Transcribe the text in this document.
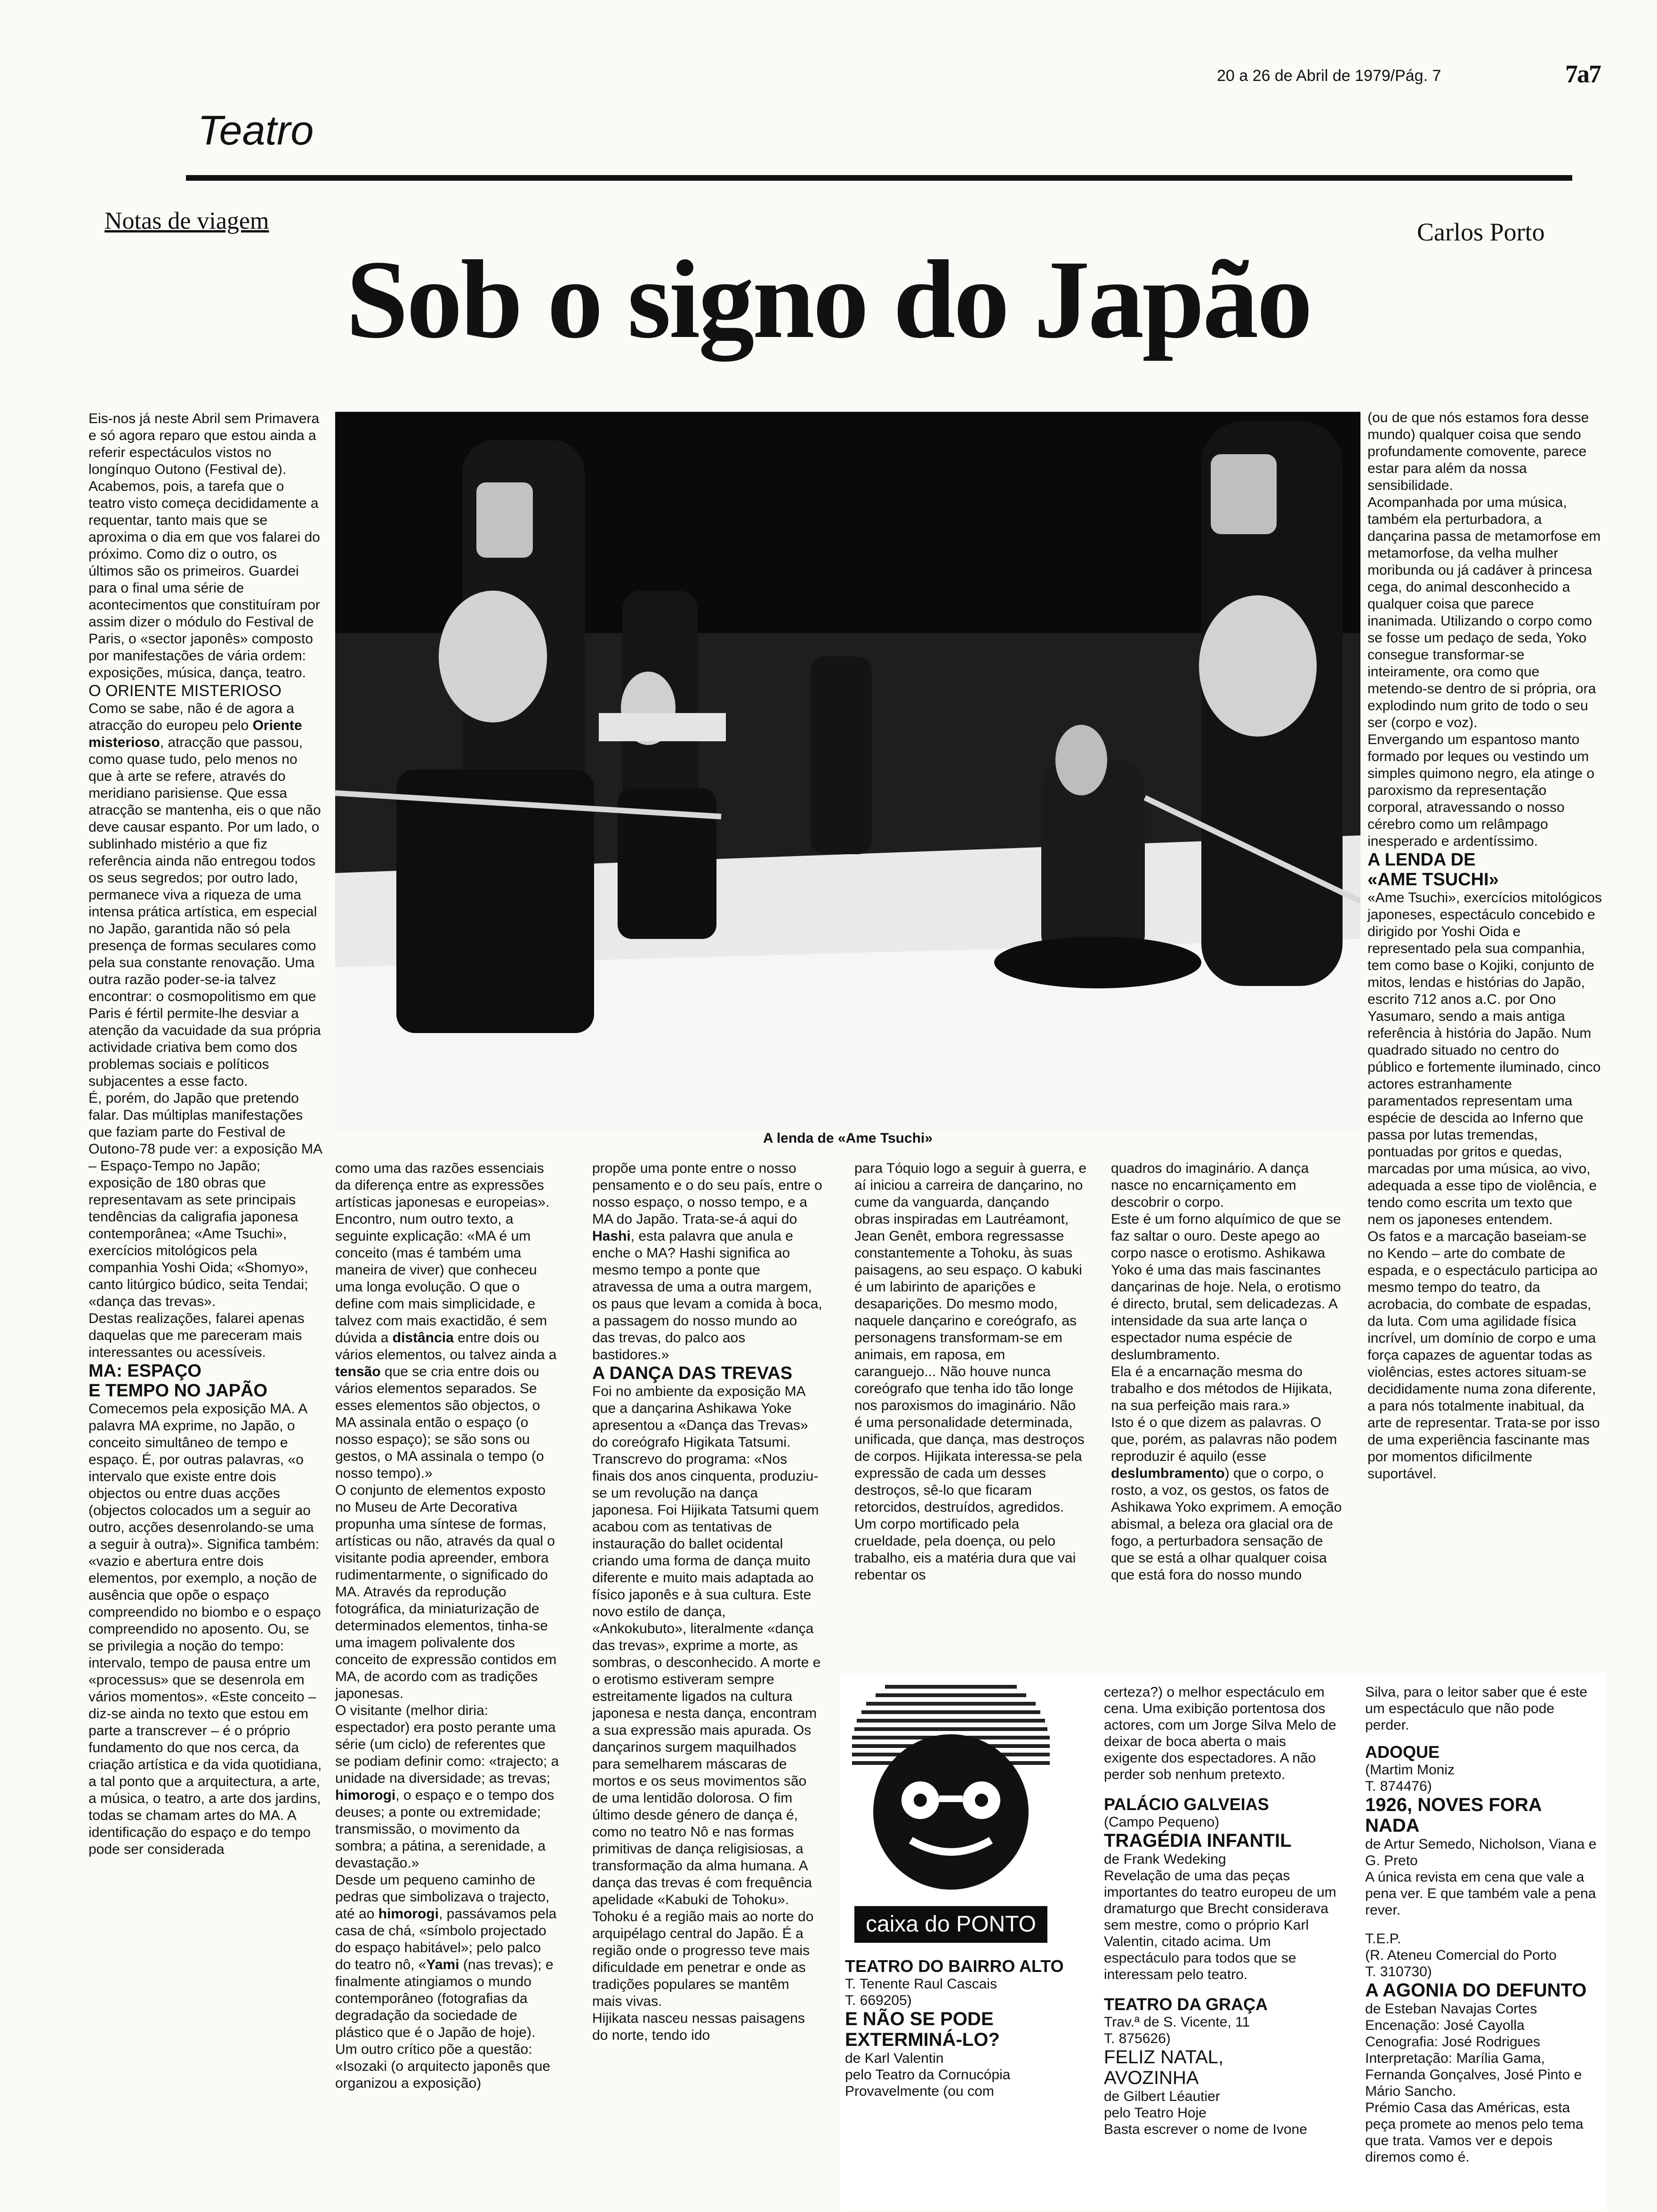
20 a 26 de Abril de 1979/Pág. 7	7a7
Teatro
Notas de viagem	Carlos Porto
Sob o signo do Japão
A lenda de «Ame Tsuchi»

Eis-nos já neste Abril sem Primavera e só agora reparo que estou ainda a referir espectáculos vistos no longínquo Outono (Festival de). Acabemos, pois, a tarefa que o teatro visto começa decididamente a requentar, tanto mais que se aproxima o dia em que vos falarei do próximo. Como diz o outro, os últimos são os primeiros. Guardei para o final uma série de acontecimentos que constituíram por assim dizer o módulo do Festival de Paris, o «sector japonês» composto por manifestações de vária ordem: exposições, música, dança, teatro.

O ORIENTE MISTERIOSO

Como se sabe, não é de agora a atracção do europeu pelo Oriente misterioso, atracção que passou, como quase tudo, pelo menos no que à arte se refere, através do meridiano parisiense. Que essa atracção se mantenha, eis o que não deve causar espanto. Por um lado, o sublinhado mistério a que fiz referência ainda não entregou todos os seus segredos; por outro lado, permanece viva a riqueza de uma intensa prática artística, em especial no Japão, garantida não só pela presença de formas seculares como pela sua constante renovação. Uma outra razão poder-se-ia talvez encontrar: o cosmopolitismo em que Paris é fértil permite-lhe desviar a atenção da vacuidade da sua própria actividade criativa bem como dos problemas sociais e políticos subjacentes a esse facto.

É, porém, do Japão que pretendo falar. Das múltiplas manifestações que faziam parte do Festival de Outono-78 pude ver: a exposição MA – Espaço-Tempo no Japão; exposição de 180 obras que representavam as sete principais tendências da caligrafia japonesa contemporânea; «Ame Tsuchi», exercícios mitológicos pela companhia Yoshi Oida; «Shomyo», canto litúrgico búdico, seita Tendai; «dança das trevas».

Destas realizações, falarei apenas daquelas que me pareceram mais interessantes ou acessíveis.

MA: ESPAÇO
E TEMPO NO JAPÃO

Comecemos pela exposição MA. A palavra MA exprime, no Japão, o conceito simultâneo de tempo e espaço. É, por outras palavras, «o intervalo que existe entre dois objectos ou entre duas acções (objectos colocados um a seguir ao outro, acções desenrolando-se uma a seguir à outra)». Significa também: «vazio e abertura entre dois elementos, por exemplo, a noção de ausência que opõe o espaço compreendido no biombo e o espaço compreendido no aposento. Ou, se se privilegia a noção do tempo: intervalo, tempo de pausa entre um «processus» que se desenrola em vários momentos». «Este conceito – diz-se ainda no texto que estou em parte a transcrever – é o próprio fundamento do que nos cerca, da criação artística e da vida quotidiana, a tal ponto que a arquitectura, a arte, a música, o teatro, a arte dos jardins, todas se chamam artes do MA. A identificação do espaço e do tempo pode ser considerada

como uma das razões essenciais da diferença entre as expressões artísticas japonesas e europeias».

Encontro, num outro texto, a seguinte explicação: «MA é um conceito (mas é também uma maneira de viver) que conheceu uma longa evolução. O que o define com mais simplicidade, e talvez com mais exactidão, é sem dúvida a distância entre dois ou vários elementos, ou talvez ainda a tensão que se cria entre dois ou vários elementos separados. Se esses elementos são objectos, o MA assinala então o espaço (o nosso espaço); se são sons ou gestos, o MA assinala o tempo (o nosso tempo).»

O conjunto de elementos exposto no Museu de Arte Decorativa propunha uma síntese de formas, artísticas ou não, através da qual o visitante podia apreender, embora rudimentarmente, o significado do MA. Através da reprodução fotográfica, da miniaturização de determinados elementos, tinha-se uma imagem polivalente dos conceito de expressão contidos em MA, de acordo com as tradições japonesas.

O visitante (melhor diria: espectador) era posto perante uma série (um ciclo) de referentes que se podiam definir como: «trajecto; a unidade na diversidade; as trevas; himorogi, o espaço e o tempo dos deuses; a ponte ou extremidade; transmissão, o movimento da sombra; a pátina, a serenidade, a devastação.»

Desde um pequeno caminho de pedras que simbolizava o trajecto, até ao himorogi, passávamos pela casa de chá, «símbolo projectado do espaço habitável»; pelo palco do teatro nô, «Yami (nas trevas); e finalmente atingiamos o mundo contemporâneo (fotografias da degradação da sociedade de plástico que é o Japão de hoje).

Um outro crítico põe a questão: «Isozaki (o arquitecto japonês que organizou a exposição)

propõe uma ponte entre o nosso pensamento e o do seu país, entre o nosso espaço, o nosso tempo, e a MA do Japão. Trata-se-á aqui do Hashi, esta palavra que anula e enche o MA? Hashi significa ao mesmo tempo a ponte que atravessa de uma a outra margem, os paus que levam a comida à boca, a passagem do nosso mundo ao das trevas, do palco aos bastidores.»

A DANÇA DAS TREVAS

Foi no ambiente da exposição MA que a dançarina Ashikawa Yoke apresentou a «Dança das Trevas» do coreógrafo Higikata Tatsumi.

Transcrevo do programa: «Nos finais dos anos cinquenta, produziu-se um revolução na dança japonesa. Foi Hijikata Tatsumi quem acabou com as tentativas de instauração do ballet ocidental criando uma forma de dança muito diferente e muito mais adaptada ao físico japonês e à sua cultura. Este novo estilo de dança, «Ankokubuto», literalmente «dança das trevas», exprime a morte, as sombras, o desconhecido. A morte e o erotismo estiveram sempre estreitamente ligados na cultura japonesa e nesta dança, encontram a sua expressão mais apurada. Os dançarinos surgem maquilhados para semelharem máscaras de mortos e os seus movimentos são de uma lentidão dolorosa. O fim último desde género de dança é, como no teatro Nô e nas formas primitivas de dança religisiosas, a transformação da alma humana. A dança das trevas é com frequência apelidade «Kabuki de Tohoku». Tohoku é a região mais ao norte do arquipélago central do Japão. É a região onde o progresso teve mais dificuldade em penetrar e onde as tradições populares se mantêm mais vivas.

Hijikata nasceu nessas paisagens do norte, tendo ido

para Tóquio logo a seguir à guerra, e aí iniciou a carreira de dançarino, no cume da vanguarda, dançando obras inspiradas em Lautréamont, Jean Genêt, embora regressasse constantemente a Tohoku, às suas paisagens, ao seu espaço. O kabuki é um labirinto de aparições e desaparições. Do mesmo modo, naquele dançarino e coreógrafo, as personagens transformam-se em animais, em raposa, em caranguejo... Não houve nunca coreógrafo que tenha ido tão longe nos paroxismos do imaginário. Não é uma personalidade determinada, unificada, que dança, mas destroços de corpos. Hijikata interessa-se pela expressão de cada um desses destroços, sê-lo que ficaram retorcidos, destruídos, agredidos. Um corpo mortificado pela crueldade, pela doença, ou pelo trabalho, eis a matéria dura que vai rebentar os

quadros do imaginário. A dança nasce no encarniçamento em descobrir o corpo.

Este é um forno alquímico de que se faz saltar o ouro. Deste apego ao corpo nasce o erotismo. Ashikawa Yoko é uma das mais fascinantes dançarinas de hoje. Nela, o erotismo é directo, brutal, sem delicadezas. A intensidade da sua arte lança o espectador numa espécie de deslumbramento.

Ela é a encarnação mesma do trabalho e dos métodos de Hijikata, na sua perfeição mais rara.»

Isto é o que dizem as palavras. O que, porém, as palavras não podem reproduzir é aquilo (esse deslumbramento) que o corpo, o rosto, a voz, os gestos, os fatos de Ashikawa Yoko exprimem. A emoção abismal, a beleza ora glacial ora de fogo, a perturbadora sensação de que se está a olhar qualquer coisa que está fora do nosso mundo

(ou de que nós estamos fora desse mundo) qualquer coisa que sendo profundamente comovente, parece estar para além da nossa sensibilidade.

Acompanhada por uma música, também ela perturbadora, a dançarina passa de metamorfose em metamorfose, da velha mulher moribunda ou já cadáver à princesa cega, do animal desconhecido a qualquer coisa que parece inanimada. Utilizando o corpo como se fosse um pedaço de seda, Yoko consegue transformar-se inteiramente, ora como que metendo-se dentro de si própria, ora explodindo num grito de todo o seu ser (corpo e voz).

Envergando um espantoso manto formado por leques ou vestindo um simples quimono negro, ela atinge o paroxismo da representação corporal, atravessando o nosso cérebro como um relâmpago inesperado e ardentíssimo.

A LENDA DE
«AME TSUCHI»

«Ame Tsuchi», exercícios mitológicos japoneses, espectáculo concebido e dirigido por Yoshi Oida e representado pela sua companhia, tem como base o Kojiki, conjunto de mitos, lendas e histórias do Japão, escrito 712 anos a.C. por Ono Yasumaro, sendo a mais antiga referência à história do Japão. Num quadrado situado no centro do público e fortemente iluminado, cinco actores estranhamente paramentados representam uma espécie de descida ao Inferno que passa por lutas tremendas, pontuadas por gritos e quedas, marcadas por uma música, ao vivo, adequada a esse tipo de violência, e tendo como escrita um texto que nem os japoneses entendem.

Os fatos e a marcação baseiam-se no Kendo – arte do combate de espada, e o espectáculo participa ao mesmo tempo do teatro, da acrobacia, do combate de espadas, da luta. Com uma agilidade física incrível, um domínio de corpo e uma força capazes de aguentar todas as violências, estes actores situam-se decididamente numa zona diferente, a para nós totalmente inabitual, da arte de representar. Trata-se por isso de uma experiência fascinante mas por momentos dificilmente suportável.

caixa do PONTO

TEATRO DO BAIRRO ALTO

T. Tenente Raul Cascais

T. 669205)

E NÃO SE PODE EXTERMINÁ-LO?

de Karl Valentin

pelo Teatro da Cornucópia

Provavelmente (ou com

certeza?) o melhor espectáculo em cena. Uma exibição portentosa dos actores, com um Jorge Silva Melo de deixar de boca aberta o mais exigente dos espectadores. A não perder sob nenhum pretexto.

PALÁCIO GALVEIAS

(Campo Pequeno)

TRAGÉDIA INFANTIL

de Frank Wedeking

Revelação de uma das peças importantes do teatro europeu de um dramaturgo que Brecht considerava sem mestre, como o próprio Karl Valentin, citado acima. Um espectáculo para todos que se interessam pelo teatro.

TEATRO DA GRAÇA

Trav.ª de S. Vicente, 11

T. 875626)

FELIZ NATAL,

AVOZINHA

de Gilbert Léautier

pelo Teatro Hoje

Basta escrever o nome de Ivone

Silva, para o leitor saber que é este um espectáculo que não pode perder.

ADOQUE

(Martim Moniz

T. 874476)

1926, NOVES FORA NADA

de Artur Semedo, Nicholson, Viana e G. Preto

A única revista em cena que vale a pena ver. E que também vale a pena rever.

T.E.P.

(R. Ateneu Comercial do Porto

T. 310730)

A AGONIA DO DEFUNTO

de Esteban Navajas Cortes

Encenação: José Cayolla

Cenografia: José Rodrigues

Interpretação: Marília Gama, Fernanda Gonçalves, José Pinto e Mário Sancho.

Prémio Casa das Américas, esta peça promete ao menos pelo tema que trata. Vamos ver e depois diremos como é.
